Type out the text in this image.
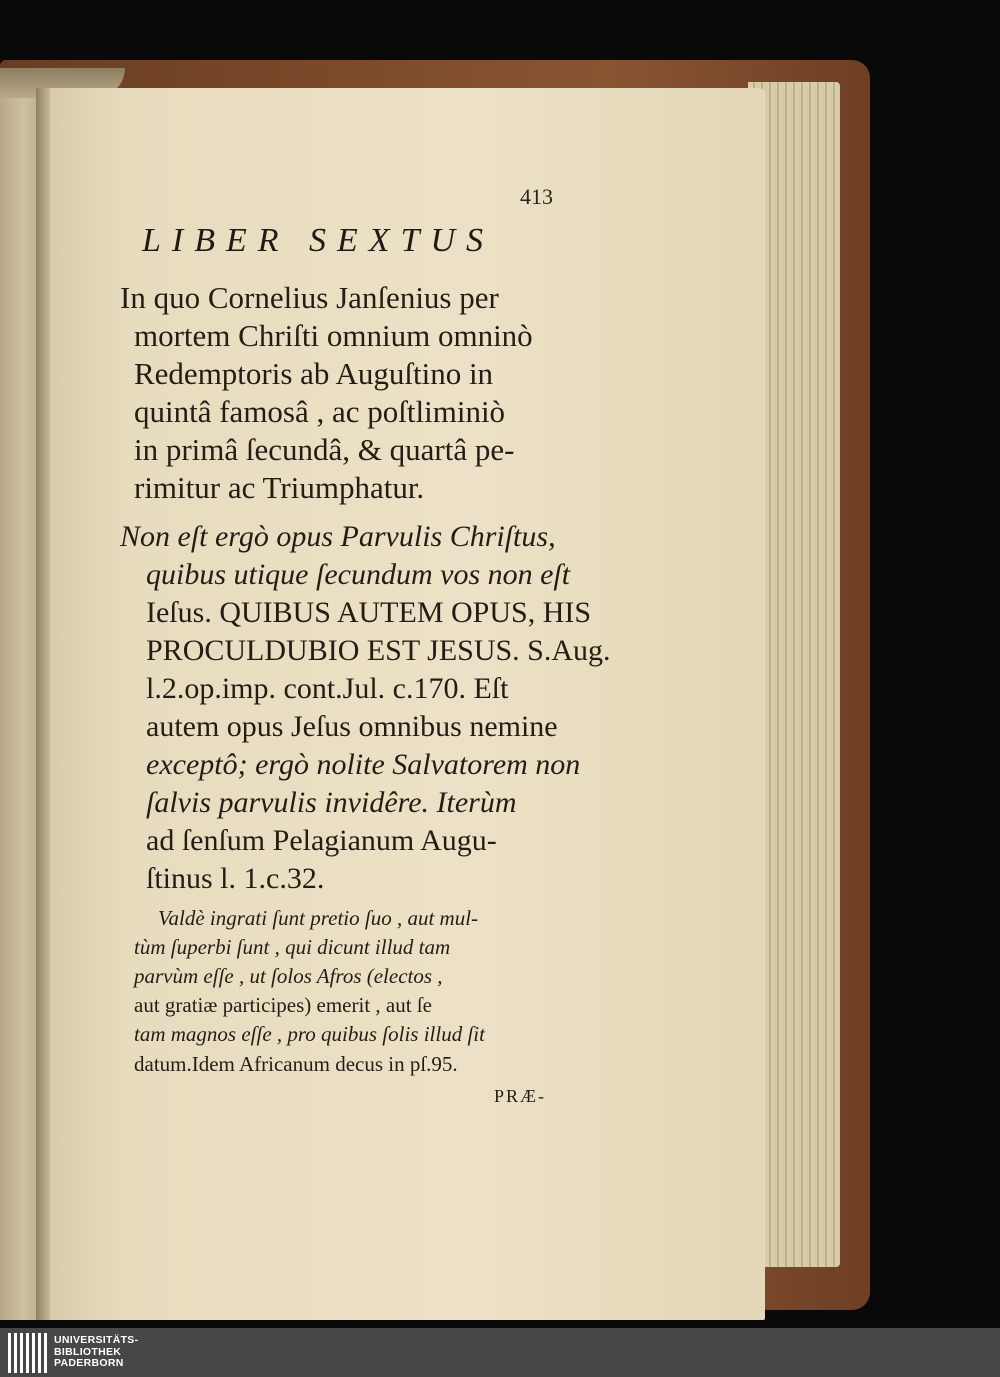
413
LIBER SEXTUS
In quo Cornelius Janſenius per
mortem Chriſti omnium omninò
Redemptoris ab Auguſtino in
quintâ famosâ , ac poſtliminiò
in primâ ſecundâ, & quartâ pe-
rimitur ac Triumphatur.
Non eſt ergò opus Parvulis Chriſtus,
quibus utique ſecundum vos non eſt
Ieſus. QUIBUS AUTEM OPUS, HIS
PROCULDUBIO EST JESUS. S.Aug.
l.2.op.imp. cont.Jul. c.170. Eſt
autem opus Jeſus omnibus nemine
exceptô; ergò nolite Salvatorem non
ſalvis parvulis invidêre. Iterùm
ad ſenſum Pelagianum Augu-
ſtinus l. 1.c.32.
Valdè ingrati ſunt pretio ſuo , aut mul-
tùm ſuperbi ſunt , qui dicunt illud tam
parvùm eſſe , ut ſolos Afros (electos ,
aut gratiæ participes) emerit , aut ſe
tam magnos eſſe , pro quibus ſolis illud ſit
datum.Idem Africanum decus in pſ.95.
PRÆ-
UNIVERSITÄTS-
BIBLIOTHEK
PADERBORN
